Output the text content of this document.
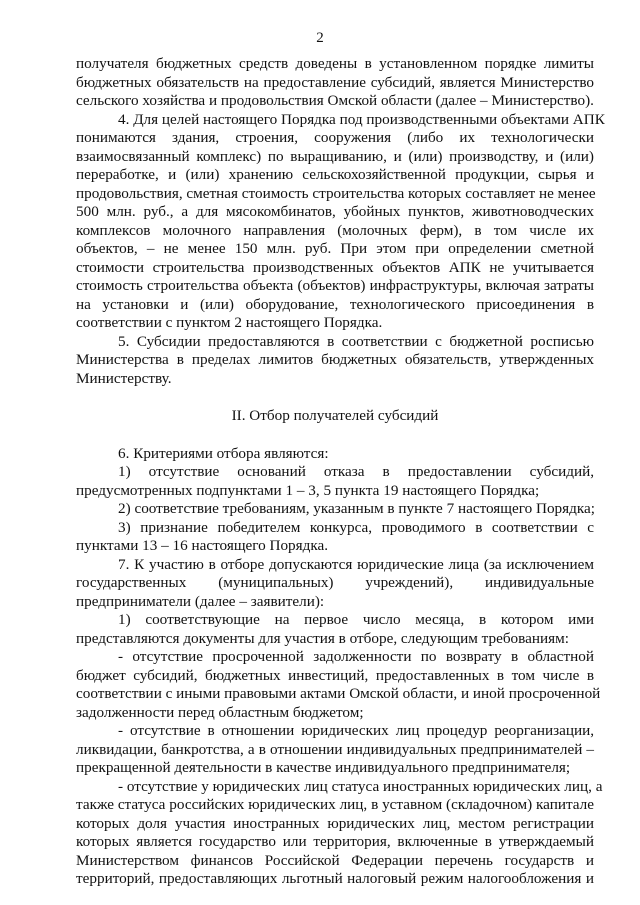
2
получателя бюджетных средств доведены в установленном порядке лимиты
бюджетных обязательств на предоставление субсидий, является Министерство
сельского хозяйства и продовольствия Омской области (далее – Министерство).
4. Для целей настоящего Порядка под производственными объектами АПК
понимаются здания, строения, сооружения (либо их технологически
взаимосвязанный комплекс) по выращиванию, и (или) производству, и (или)
переработке, и (или) хранению сельскохозяйственной продукции, сырья и
продовольствия, сметная стоимость строительства которых составляет не менее
500 млн. руб., а для мясокомбинатов, убойных пунктов, животноводческих
комплексов молочного направления (молочных ферм), в том числе их
объектов, – не менее 150 млн. руб. При этом при определении сметной
стоимости строительства производственных объектов АПК не учитывается
стоимость строительства объекта (объектов) инфраструктуры, включая затраты
на установки и (или) оборудование, технологического присоединения в
соответствии с пунктом 2 настоящего Порядка.
5. Субсидии предоставляются в соответствии с бюджетной росписью
Министерства в пределах лимитов бюджетных обязательств, утвержденных
Министерству.
II. Отбор получателей субсидий
6. Критериями отбора являются:
1) отсутствие оснований отказа в предоставлении субсидий,
предусмотренных подпунктами 1 – 3, 5 пункта 19 настоящего Порядка;
2) соответствие требованиям, указанным в пункте 7 настоящего Порядка;
3) признание победителем конкурса, проводимого в соответствии с
пунктами 13 – 16 настоящего Порядка.
7. К участию в отборе допускаются юридические лица (за исключением
государственных (муниципальных) учреждений), индивидуальные
предприниматели (далее – заявители):
1) соответствующие на первое число месяца, в котором ими
представляются документы для участия в отборе, следующим требованиям:
- отсутствие просроченной задолженности по возврату в областной
бюджет субсидий, бюджетных инвестиций, предоставленных в том числе в
соответствии с иными правовыми актами Омской области, и иной просроченной
задолженности перед областным бюджетом;
- отсутствие в отношении юридических лиц процедур реорганизации,
ликвидации, банкротства, а в отношении индивидуальных предпринимателей –
прекращенной деятельности в качестве индивидуального предпринимателя;
- отсутствие у юридических лиц статуса иностранных юридических лиц, а
также статуса российских юридических лиц, в уставном (складочном) капитале
которых доля участия иностранных юридических лиц, местом регистрации
которых является государство или территория, включенные в утверждаемый
Министерством финансов Российской Федерации перечень государств и
территорий, предоставляющих льготный налоговый режим налогообложения и
